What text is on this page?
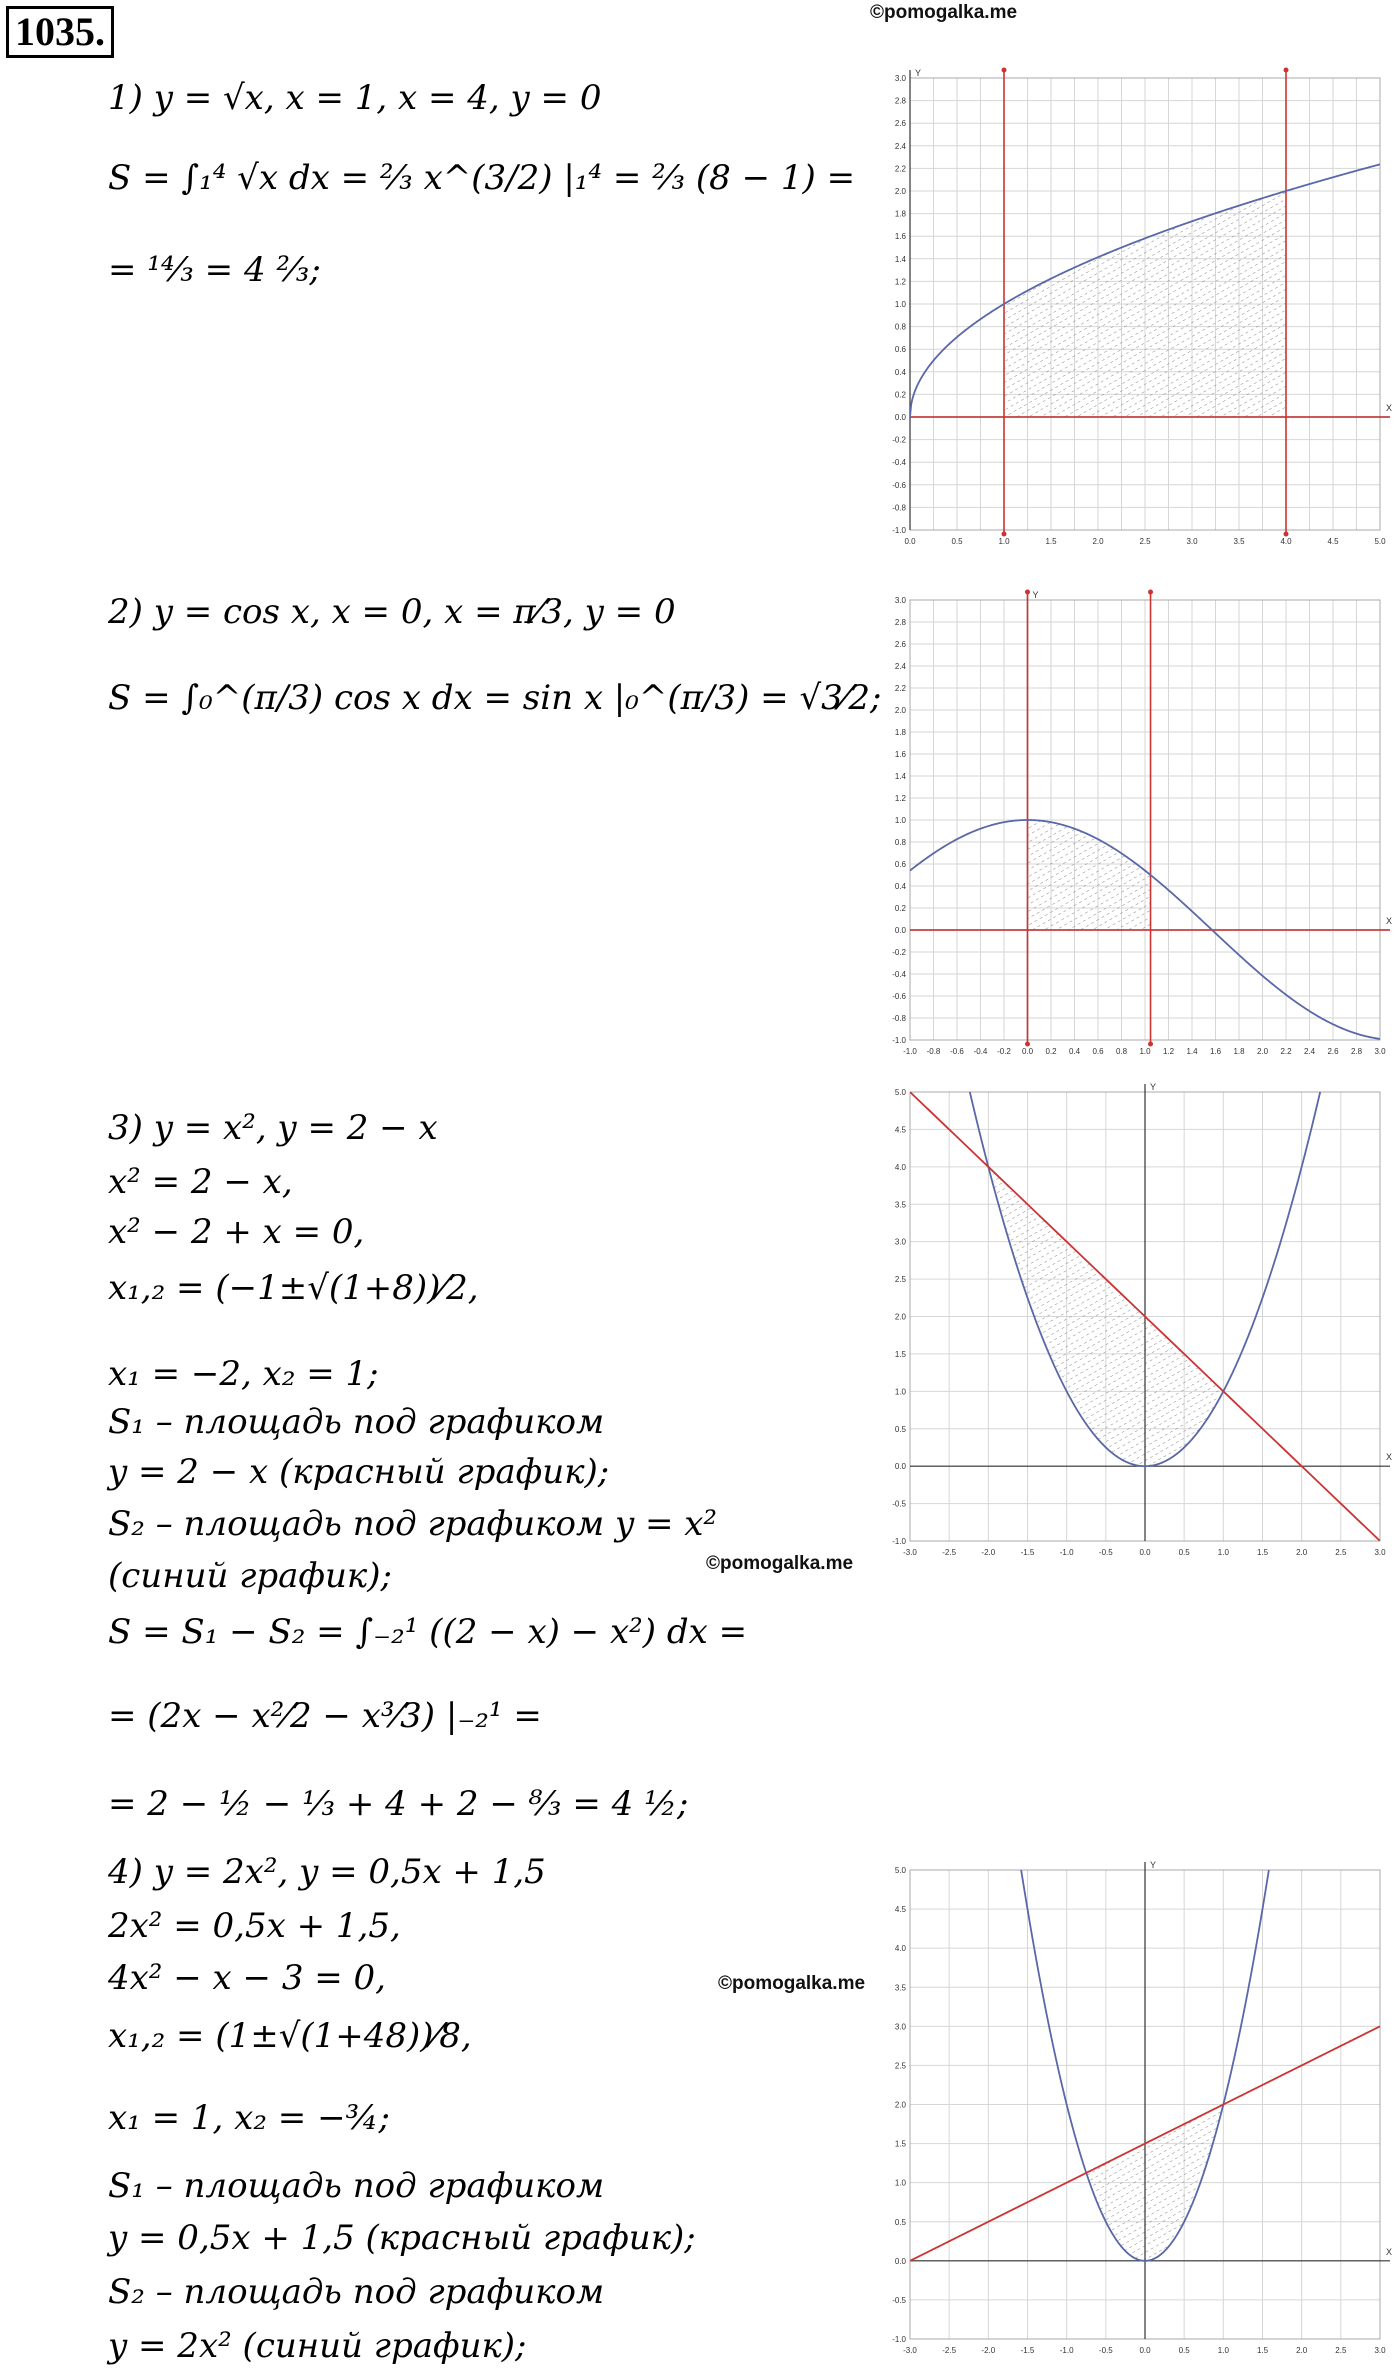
1035.	©pomogalka.me
©pomogalka.me
©pomogalka.me
1) y = √x, x = 1, x = 4, y = 0
S = ∫₁⁴ √x dx = ²⁄₃ x^(3/2) |₁⁴ = ²⁄₃ (8 − 1) =
= ¹⁴⁄₃ = 4 ²⁄₃;
2) y = cos x, x = 0, x = π⁄3, y = 0
S = ∫₀^(π/3) cos x dx = sin x |₀^(π/3) = √3⁄2;
3) y = x², y = 2 − x
x² = 2 − x,
x² − 2 + x = 0,
x₁,₂ = (−1±√(1+8))⁄2,
x₁ = −2, x₂ = 1;
S₁ – площадь под графиком
y = 2 − x (красный график);
S₂ – площадь под графиком y = x²
(синий график);
S = S₁ − S₂ = ∫₋₂¹ ((2 − x) − x²) dx =
= (2x − x²⁄2 − x³⁄3) |₋₂¹ =
= 2 − ½ − ⅓ + 4 + 2 − ⁸⁄₃ = 4 ½;
4) y = 2x², y = 0,5x + 1,5
2x² = 0,5x + 1,5,
4x² − x − 3 = 0,
x₁,₂ = (1±√(1+48))⁄8,
x₁ = 1, x₂ = −¾;
S₁ – площадь под графиком
y = 0,5x + 1,5 (красный график);
S₂ – площадь под графиком
y = 2x² (синий график);
0.0	0.5	1.0	1.5	2.0	2.5	3.0	3.5	4.0	4.5	5.0
-1.0
-0.8
-0.6
-0.4
-0.2
0.0
0.2
0.4
0.6
0.8
1.0
1.2
1.4
1.6
1.8
2.0
2.2
2.4
2.6
2.8
3.0
X
Y
-1.0 -0.8 -0.6 -0.4 -0.2 0.0 0.2 0.4 0.6 0.8 1.0 1.2 1.4 1.6 1.8 2.0 2.2 2.4 2.6 2.8 3.0
-1.0
-0.8
-0.6
-0.4
-0.2
0.0
0.2
0.4
0.6
0.8
1.0
1.2
1.4
1.6
1.8
2.0
2.2
2.4
2.6
2.8
3.0
X
Y
-3.0	-2.5	-2.0	-1.5	-1.0	-0.5	0.0	0.5	1.0	1.5	2.0	2.5	3.0
-1.0
-0.5
0.0
0.5
1.0
1.5
2.0
2.5
3.0
3.5
4.0
4.5
5.0
X
Y
-3.0	-2.5	-2.0	-1.5	-1.0	-0.5	0.0	0.5	1.0	1.5	2.0	2.5	3.0
-1.0
-0.5
0.0
0.5
1.0
1.5
2.0
2.5
3.0
3.5
4.0
4.5
5.0
X
Y
